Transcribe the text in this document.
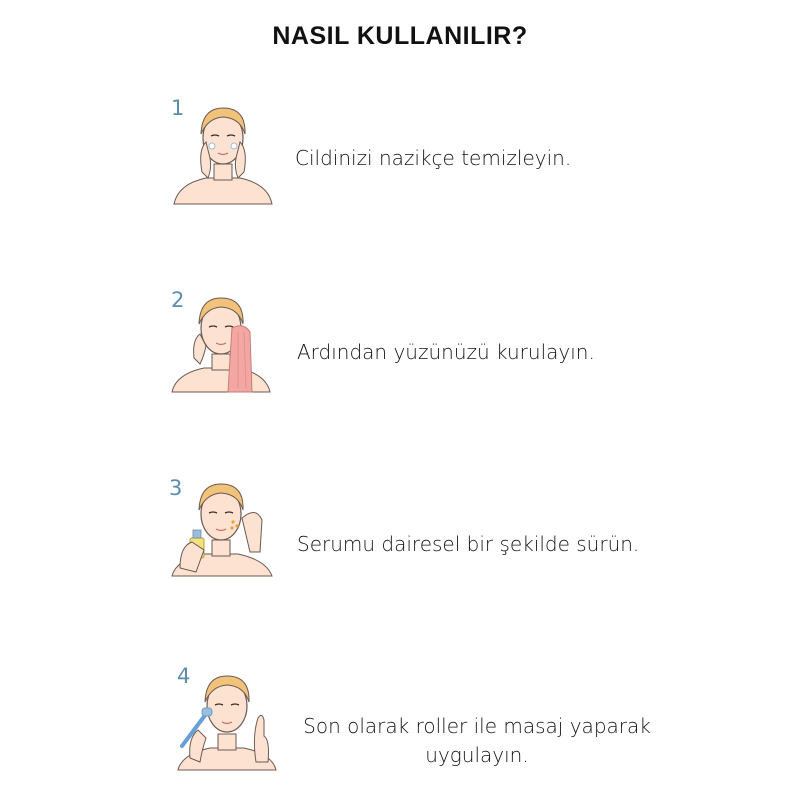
NASIL KULLANILIR?
1
Cildinizi nazikçe temizleyin.
2
Ardından yüzünüzü kurulayın.
3
Serumu dairesel bir şekilde sürün.
4
Son olarak roller ile masaj yaparak
uygulayın.
